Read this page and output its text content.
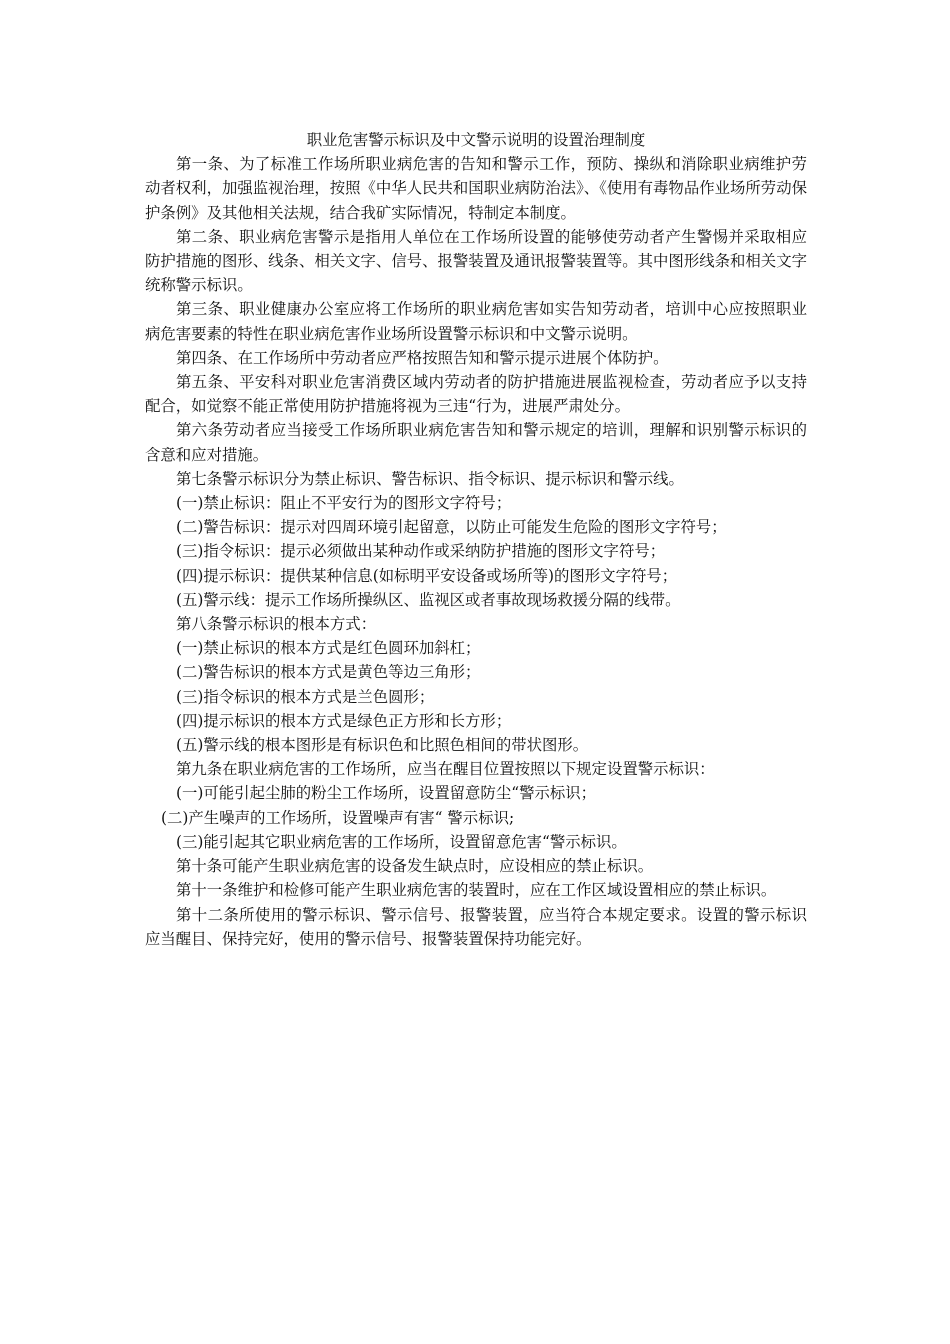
职业危害警示标识及中文警示说明的设置治理制度

第一条、为了标准工作场所职业病危害的告知和警示工作，预防、操纵和消除职业病维护劳动者权利，加强监视治理，按照《中华人民共和国职业病防治法》、《使用有毒物品作业场所劳动保护条例》及其他相关法规，结合我矿实际情况，特制定本制度。

第二条、职业病危害警示是指用人单位在工作场所设置的能够使劳动者产生警惕并采取相应防护措施的图形、线条、相关文字、信号、报警装置及通讯报警装置等。其中图形线条和相关文字统称警示标识。

第三条、职业健康办公室应将工作场所的职业病危害如实告知劳动者，培训中心应按照职业病危害要素的特性在职业病危害作业场所设置警示标识和中文警示说明。

第四条、在工作场所中劳动者应严格按照告知和警示提示进展个体防护。

第五条、平安科对职业危害消费区域内劳动者的防护措施进展监视检查，劳动者应予以支持配合，如觉察不能正常使用防护措施将视为三违“行为，进展严肃处分。

第六条劳动者应当接受工作场所职业病危害告知和警示规定的培训，理解和识别警示标识的含意和应对措施。

第七条警示标识分为禁止标识、警告标识、指令标识、提示标识和警示线。

(一)禁止标识：阻止不平安行为的图形文字符号；

(二)警告标识：提示对四周环境引起留意，以防止可能发生危险的图形文字符号；

(三)指令标识：提示必须做出某种动作或采纳防护措施的图形文字符号；

(四)提示标识：提供某种信息(如标明平安设备或场所等)的图形文字符号；

(五)警示线：提示工作场所操纵区、监视区或者事故现场救援分隔的线带。

第八条警示标识的根本方式：

(一)禁止标识的根本方式是红色圆环加斜杠；

(二)警告标识的根本方式是黄色等边三角形；

(三)指令标识的根本方式是兰色圆形；

(四)提示标识的根本方式是绿色正方形和长方形；

(五)警示线的根本图形是有标识色和比照色相间的带状图形。

第九条在职业病危害的工作场所，应当在醒目位置按照以下规定设置警示标识：

(一)可能引起尘肺的粉尘工作场所，设置留意防尘“警示标识；

(二)产生噪声的工作场所，设置噪声有害“ 警示标识;

(三)能引起其它职业病危害的工作场所，设置留意危害“警示标识。

第十条可能产生职业病危害的设备发生缺点时，应设相应的禁止标识。

第十一条维护和检修可能产生职业病危害的装置时，应在工作区域设置相应的禁止标识。

第十二条所使用的警示标识、警示信号、报警装置，应当符合本规定要求。设置的警示标识应当醒目、保持完好，使用的警示信号、报警装置保持功能完好。
